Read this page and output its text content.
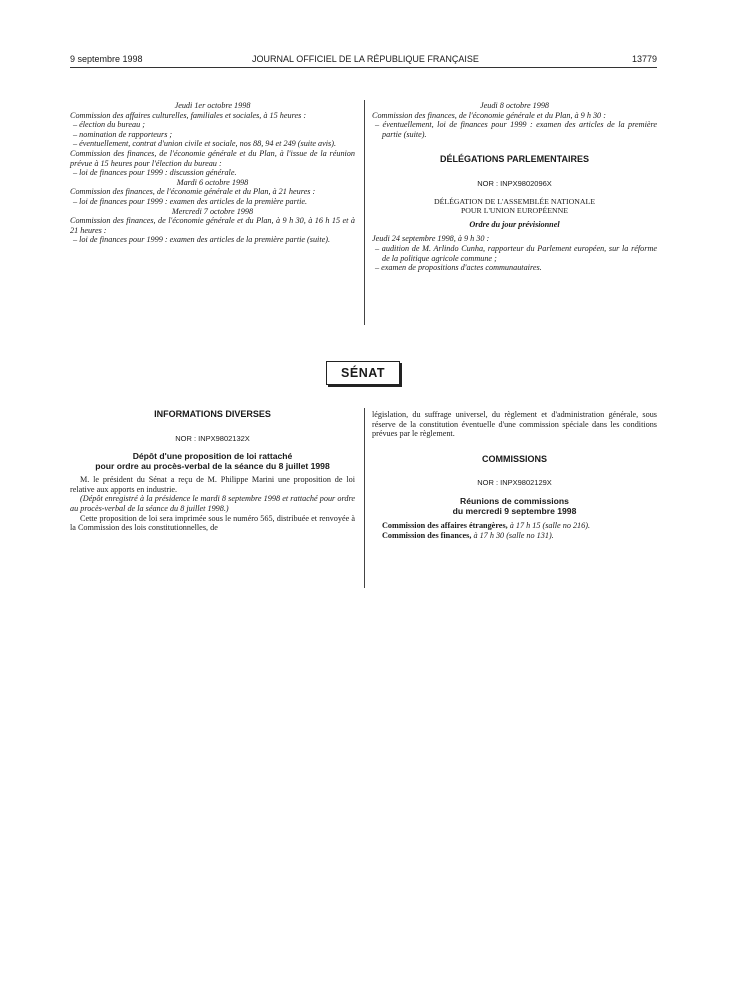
9 septembre 1998	JOURNAL OFFICIEL DE LA RÉPUBLIQUE FRANÇAISE	13779
Jeudi 1er octobre 1998
Commission des affaires culturelles, familiales et sociales, à 15 heures :
– élection du bureau ;
– nomination de rapporteurs ;
– éventuellement, contrat d'union civile et sociale, nos 88, 94 et 249 (suite avis).
Commission des finances, de l'économie générale et du Plan, à l'issue de la réunion prévue à 15 heures pour l'élection du bureau :
– loi de finances pour 1999 : discussion générale.
Mardi 6 octobre 1998
Commission des finances, de l'économie générale et du Plan, à 21 heures :
– loi de finances pour 1999 : examen des articles de la première partie.
Mercredi 7 octobre 1998
Commission des finances, de l'économie générale et du Plan, à 9 h 30, à 16 h 15 et à 21 heures :
– loi de finances pour 1999 : examen des articles de la première partie (suite).
Jeudi 8 octobre 1998
Commission des finances, de l'économie générale et du Plan, à 9 h 30 :
– éventuellement, loi de finances pour 1999 : examen des articles de la première partie (suite).
DÉLÉGATIONS PARLEMENTAIRES
NOR : INPX9802096X
DÉLÉGATION DE L'ASSEMBLÉE NATIONALE
POUR L'UNION EUROPÉENNE
Ordre du jour prévisionnel
Jeudi 24 septembre 1998, à 9 h 30 :
– audition de M. Arlindo Cunha, rapporteur du Parlement européen, sur la réforme de la politique agricole commune ;
– examen de propositions d'actes communautaires.
SÉNAT
INFORMATIONS DIVERSES
NOR : INPX9802132X
Dépôt d'une proposition de loi rattaché
pour ordre au procès-verbal de la séance du 8 juillet 1998
M. le président du Sénat a reçu de M. Philippe Marini une proposition de loi relative aux apports en industrie.
(Dépôt enregistré à la présidence le mardi 8 septembre 1998 et rattaché pour ordre au procès-verbal de la séance du 8 juillet 1998.)
Cette proposition de loi sera imprimée sous le numéro 565, distribuée et renvoyée à la Commission des lois constitutionnelles, de
législation, du suffrage universel, du règlement et d'administration générale, sous réserve de la constitution éventuelle d'une commission spéciale dans les conditions prévues par le règlement.
COMMISSIONS
NOR : INPX9802129X
Réunions de commissions
du mercredi 9 septembre 1998
Commission des affaires étrangères, à 17 h 15 (salle no 216).
Commission des finances, à 17 h 30 (salle no 131).
